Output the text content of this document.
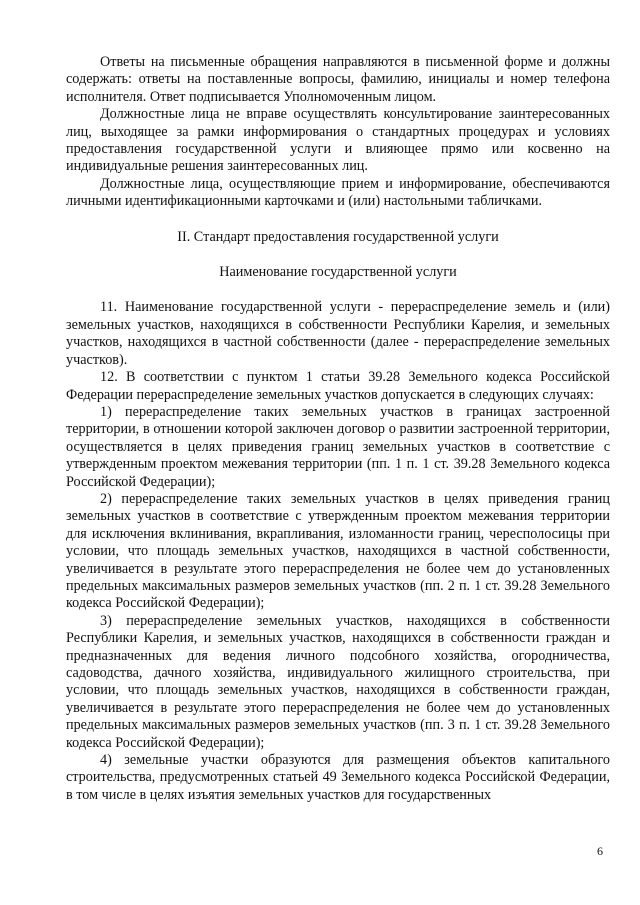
Ответы на письменные обращения направляются в письменной форме и должны содержать: ответы на поставленные вопросы, фамилию, инициалы и номер телефона исполнителя. Ответ подписывается Уполномоченным лицом.

Должностные лица не вправе осуществлять консультирование заинтересованных лиц, выходящее за рамки информирования о стандартных процедурах и условиях предоставления государственной услуги и влияющее прямо или косвенно на индивидуальные решения заинтересованных лиц.

Должностные лица, осуществляющие прием и информирование, обеспечиваются личными идентификационными карточками и (или) настольными табличками.

II. Стандарт предоставления государственной услуги

Наименование государственной услуги

11. Наименование государственной услуги - перераспределение земель и (или) земельных участков, находящихся в собственности Республики Карелия, и земельных участков, находящихся в частной собственности (далее - перераспределение земельных участков).

12. В соответствии с пунктом 1 статьи 39.28 Земельного кодекса Российской Федерации перераспределение земельных участков допускается в следующих случаях:

1) перераспределение таких земельных участков в границах застроенной территории, в отношении которой заключен договор о развитии застроенной территории, осуществляется в целях приведения границ земельных участков в соответствие с утвержденным проектом межевания территории (пп. 1 п. 1 ст. 39.28 Земельного кодекса Российской Федерации);

2) перераспределение таких земельных участков в целях приведения границ земельных участков в соответствие с утвержденным проектом межевания территории для исключения вклинивания, вкрапливания, изломанности границ, чересполосицы при условии, что площадь земельных участков, находящихся в частной собственности, увеличивается в результате этого перераспределения не более чем до установленных предельных максимальных размеров земельных участков (пп. 2 п. 1 ст. 39.28 Земельного кодекса Российской Федерации);

3) перераспределение земельных участков, находящихся в собственности Республики Карелия, и земельных участков, находящихся в собственности граждан и предназначенных для ведения личного подсобного хозяйства, огородничества, садоводства, дачного хозяйства, индивидуального жилищного строительства, при условии, что площадь земельных участков, находящихся в собственности граждан, увеличивается в результате этого перераспределения не более чем до установленных предельных максимальных размеров земельных участков (пп. 3 п. 1 ст. 39.28 Земельного кодекса Российской Федерации);

4) земельные участки образуются для размещения объектов капитального строительства, предусмотренных статьей 49 Земельного кодекса Российской Федерации, в том числе в целях изъятия земельных участков для государственных

6
